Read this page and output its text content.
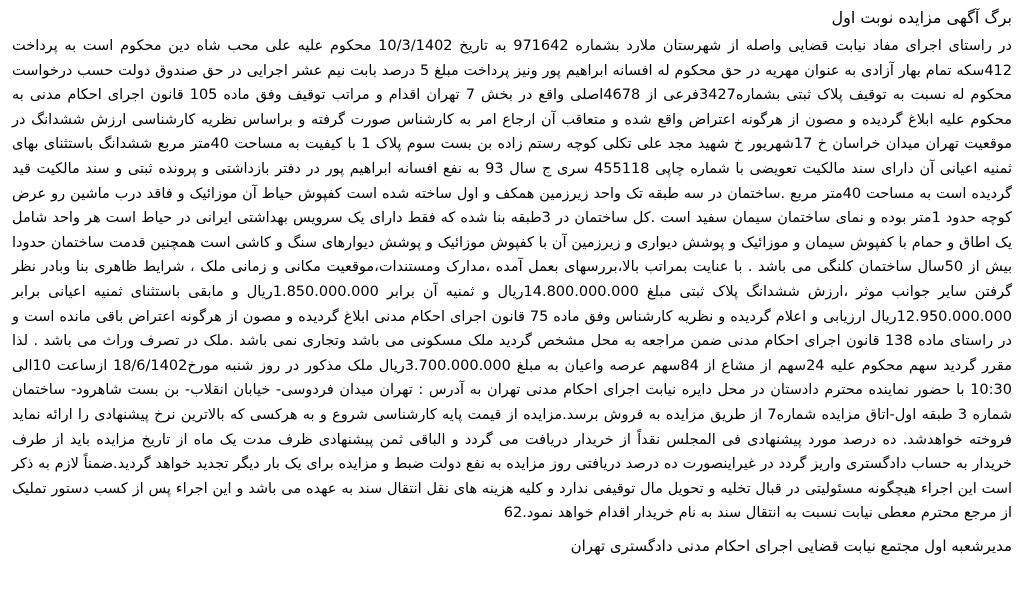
برگ آگهی مزایده نوبت اول

در راستای اجرای مفاد نیابت قضایی واصله از شهرستان ملارد بشماره 971642 به تاریخ 10/3/1402 محکوم علیه علی محب شاه دین محکوم است به پرداخت 412سکه تمام بهار آزادی به عنوان مهریه در حق محکوم له افسانه ابراهیم پور ونیز پرداخت مبلغ 5 درصد بابت نیم عشر اجرایی در حق صندوق دولت حسب درخواست محکوم له نسبت به توقیف پلاک ثبتی بشماره3427فرعی از 4678اصلی واقع در بخش 7 تهران اقدام و مراتب توقیف وفق ماده 105 قانون اجرای احکام مدنی به محکوم علیه ابلاغ گردیده و مصون از هرگونه اعتراض واقع شده و متعاقب آن ارجاع امر به کارشناس صورت گرفته و براساس نظریه کارشناسی ارزش ششدانگ در موقعیت تهران میدان خراسان خ 17شهریور خ شهید مجد علی تکلی کوچه رستم زاده بن بست سوم پلاک 1 با کیفیت به مساحت 40متر مربع ششدانگ باستثنای بهای ثمنیه اعیانی آن دارای سند مالکیت تعویضی با شماره چاپی 455118 سری ج سال 93 به نفع افسانه ابراهیم پور در دفتر بازداشتی و پرونده ثبتی و سند مالکیت قید گردیده است به مساحت 40متر مربع .ساختمان در سه طبقه تک واحد زیرزمین همکف و اول ساخته شده است کفپوش حیاط آن موزائیک و فاقد درب ماشین رو عرض کوچه حدود 1متر بوده و نمای ساختمان سیمان سفید است .کل ساختمان در 3طبقه بنا شده که فقط دارای یک سرویس بهداشتی ایرانی در حیاط است هر واحد شامل یک اطاق و حمام با کفپوش سیمان و موزائیک و پوشش دیواری و زیرزمین آن با کفپوش موزائیک و پوشش دیوارهای سنگ و کاشی است همچنین قدمت ساختمان حدودا بیش از 50سال ساختمان کلنگی می باشد . با عنایت بمراتب بالا،بررسهای بعمل آمده ،مدارک ومستندات،موقعیت مکانی و زمانی ملک ، شرایط ظاهری بنا وبادر نظر گرفتن سایر جوانب موثر ،ارزش ششدانگ پلاک ثبتی مبلغ 14.800.000.000ریال و ثمنیه آن برابر 1.850.000.000ریال و مابقی باستثنای ثمنیه اعیانی برابر 12.950.000.000ریال ارزیابی و اعلام گردیده و نظریه کارشناس وفق ماده 75 قانون اجرای احکام مدنی ابلاغ گردیده و مصون از هرگونه اعتراض باقی مانده است و در راستای ماده 138 قانون اجرای احکام مدنی ضمن مراجعه به محل مشخص گردید ملک مسکونی می باشد وتجاری نمی باشد .ملک در تصرف وراث می باشد . لذا مقرر گردید سهم محکوم علیه 24سهم از مشاع از 84سهم عرصه واعیان به مبلغ 3.700.000.000ریال ملک مذکور در روز شنبه مورخ18/6/1402 ازساعت 10الی 10:30 با حضور نماینده محترم دادستان در محل دایره نیابت اجرای احکام مدنی تهران به آدرس : تهران میدان فردوسی- خیابان انقلاب- بن بست شاهرود- ساختمان شماره 3 طبقه اول-اتاق مزایده شماره7 از طریق مزایده به فروش برسد.مزایده از قیمت پایه کارشناسی شروع و به هرکسی که بالاترین نرخ پیشنهادی را ارائه نماید فروخته خواهدشد. ده درصد مورد پیشنهادی فی المجلس نقداً از خریدار دریافت می گردد و الباقی ثمن پیشنهادی ظرف مدت یک ماه از تاریخ مزایده باید از طرف خریدار به حساب دادگستری واریز گردد در غیراینصورت ده درصد دریافتی روز مزایده به نفع دولت ضبط و مزایده برای یک بار دیگر تجدید خواهد گردید.ضمناً لازم به ذکر است این اجراء هیچگونه مسئولیتی در قبال تخلیه و تحویل مال توقیفی ندارد و کلیه هزینه های نقل انتقال سند به عهده می باشد و این اجراء پس از کسب دستور تملیک از مرجع محترم معطی نیابت نسبت به انتقال سند به نام خریدار اقدام خواهد نمود.62

مدیرشعبه اول مجتمع نیابت قضایی اجرای احکام مدنی دادگستری تهران
